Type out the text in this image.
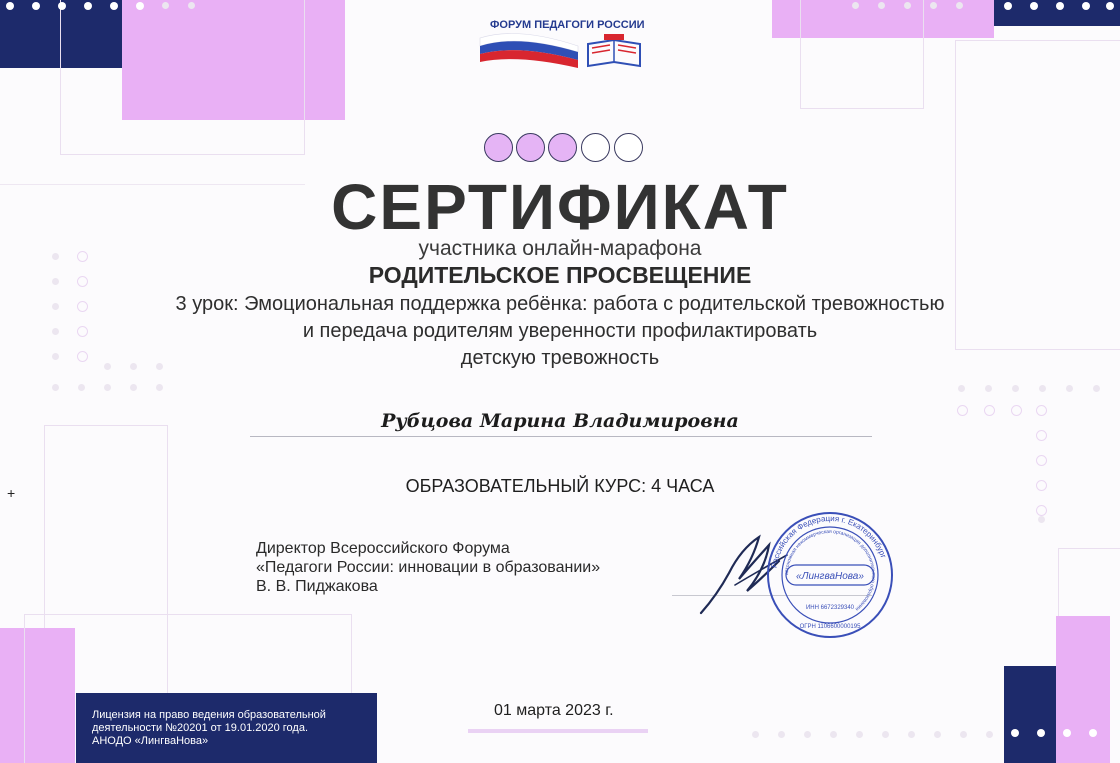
+
ФОРУМ ПЕДАГОГИ РОССИИ
СЕРТИФИКАТ
участника онлайн-марафона
РОДИТЕЛЬСКОЕ ПРОСВЕЩЕНИЕ
3 урок: Эмоциональная поддержка ребёнка: работа с родительской тревожностью
и передача родителям уверенности профилактировать
детскую тревожность
Рубцова Марина Владимировна
ОБРАЗОВАТЕЛЬНЫЙ КУРС: 4 ЧАСА
Директор Всероссийского Форума
«Педагоги России: инновации в образовании»
В. В. Пиджакова
Российская Федерация г. Екатеринбург
автономная некоммерческая организация дополнительного образования
«ЛингваНова»
ИНН 6672329340
ОГРН 1106600000195
01 марта 2023 г.
Лицензия на право ведения образовательной
деятельности №20201 от 19.01.2020 года.
АНОДО «ЛингваНова»
